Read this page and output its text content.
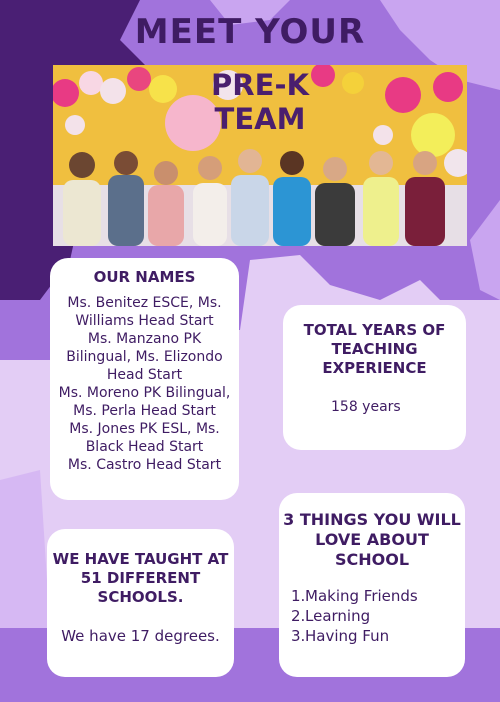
MEET YOUR
PRE-K
TEAM
OUR NAMES
Ms. Benitez ESCE, Ms. Williams Head Start
Ms. Manzano PK Bilingual, Ms. Elizondo Head Start
Ms. Moreno PK Bilingual, Ms. Perla Head Start
Ms. Jones PK ESL, Ms. Black Head Start
Ms. Castro Head Start
TOTAL YEARS OF TEACHING EXPERIENCE
158 years
WE HAVE TAUGHT AT 51 DIFFERENT SCHOOLS.
We have 17 degrees.
3 THINGS YOU WILL LOVE ABOUT SCHOOL
1.Making Friends
2.Learning
3.Having Fun
